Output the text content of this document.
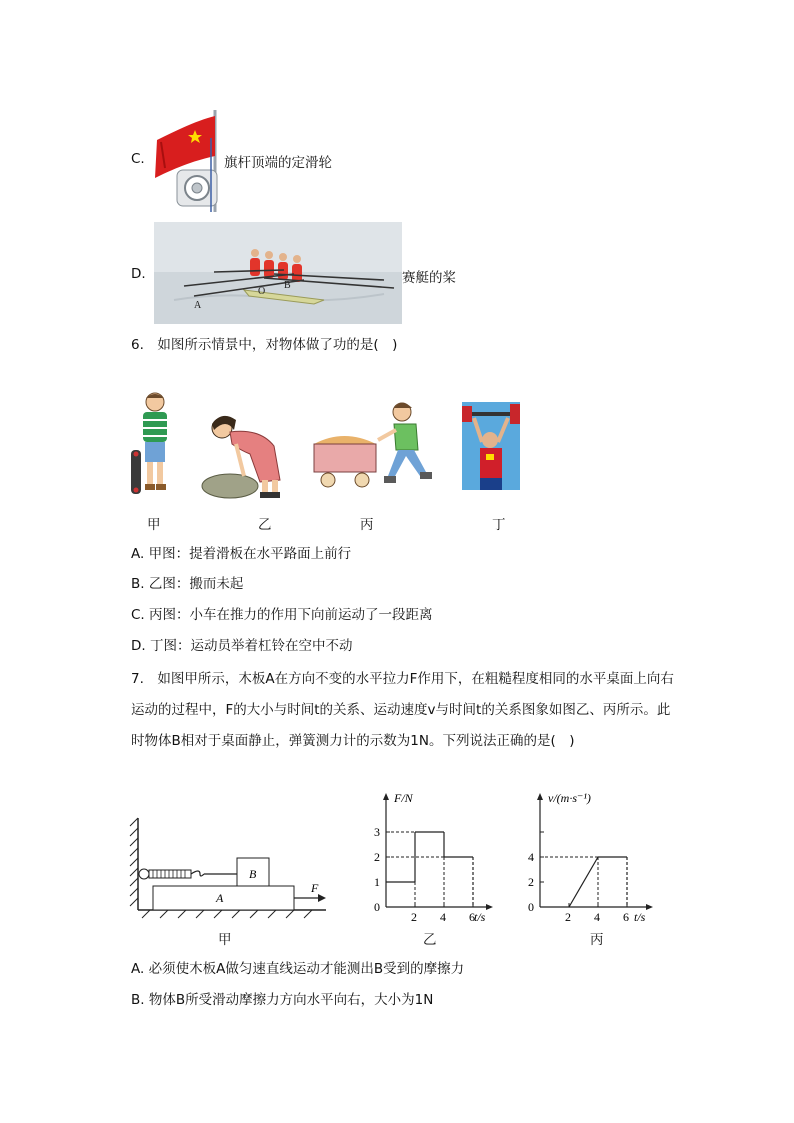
C.	旗杆顶端的定滑轮
D.
A
O
B	赛艇的桨
6.　如图所示情景中，对物体做了功的是(　)
甲	乙	丙	丁
A. 甲图：提着滑板在水平路面上前行
B. 乙图：搬而未起
C. 丙图：小车在推力的作用下向前运动了一段距离
D. 丁图：运动员举着杠铃在空中不动
7.　如图甲所示，木板A在方向不变的水平拉力F作用下，在粗糙程度相同的水平桌面上向右
运动的过程中，F的大小与时间t的关系、运动速度v与时间t的关系图象如图乙、丙所示。此
时物体B相对于桌面静止，弹簧测力计的示数为1N。下列说法正确的是(　)
B
A
F
甲
F/N
t/s
0
2 4 6
1
2
3
乙
v/(m·s⁻¹)
t/s
0
2 4 6
2
4
丙
A. 必须使木板A做匀速直线运动才能测出B受到的摩擦力
B. 物体B所受滑动摩擦力方向水平向右，大小为1N
